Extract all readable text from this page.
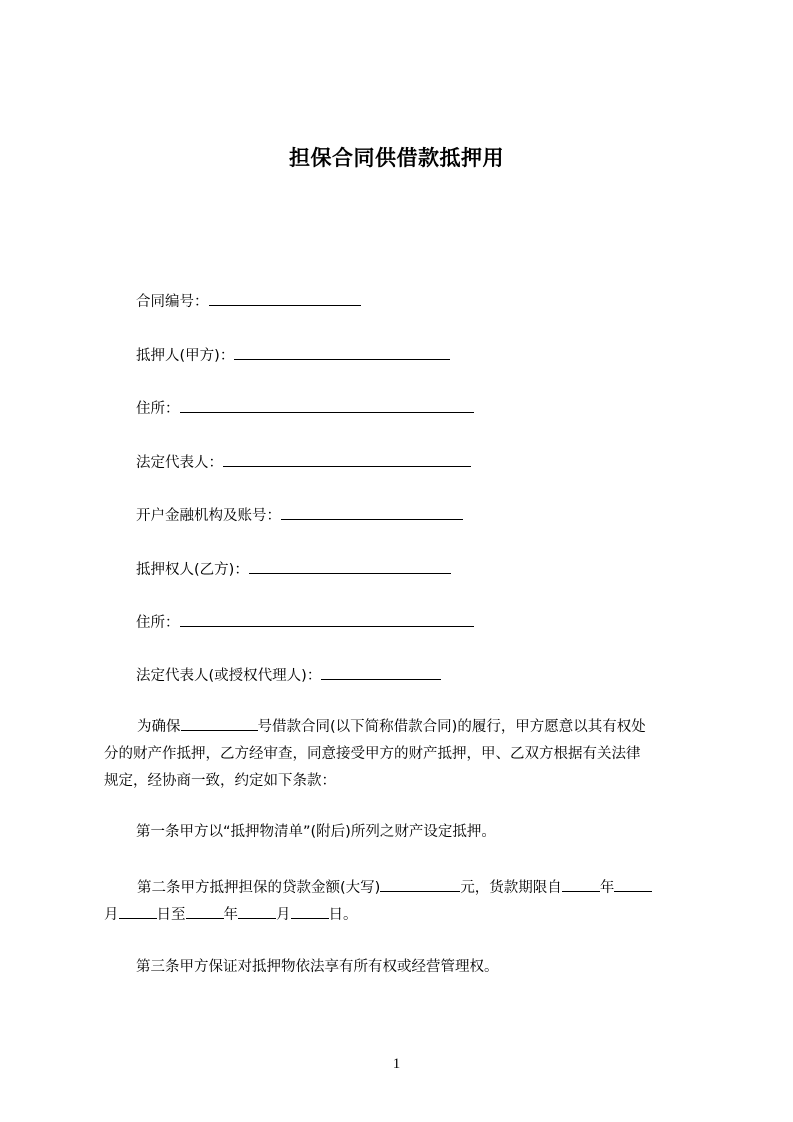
担保合同供借款抵押用
合同编号：
抵押人(甲方)：
住所：
法定代表人：
开户金融机构及账号：
抵押权人(乙方)：
住所：
法定代表人(或授权代理人)：

为确保	号借款合同(以下简称借款合同)的履行，甲方愿意以其有权处

分的财产作抵押，乙方经审查，同意接受甲方的财产抵押，甲、乙双方根据有关法律

规定，经协商一致，约定如下条款：

第一条甲方以“抵押物清单”(附后)所列之财产设定抵押。

第二条甲方抵押担保的贷款金额(大写)	元，货款期限自	年

月	日至	年	月	日。

第三条甲方保证对抵押物依法享有所有权或经营管理权。
1
